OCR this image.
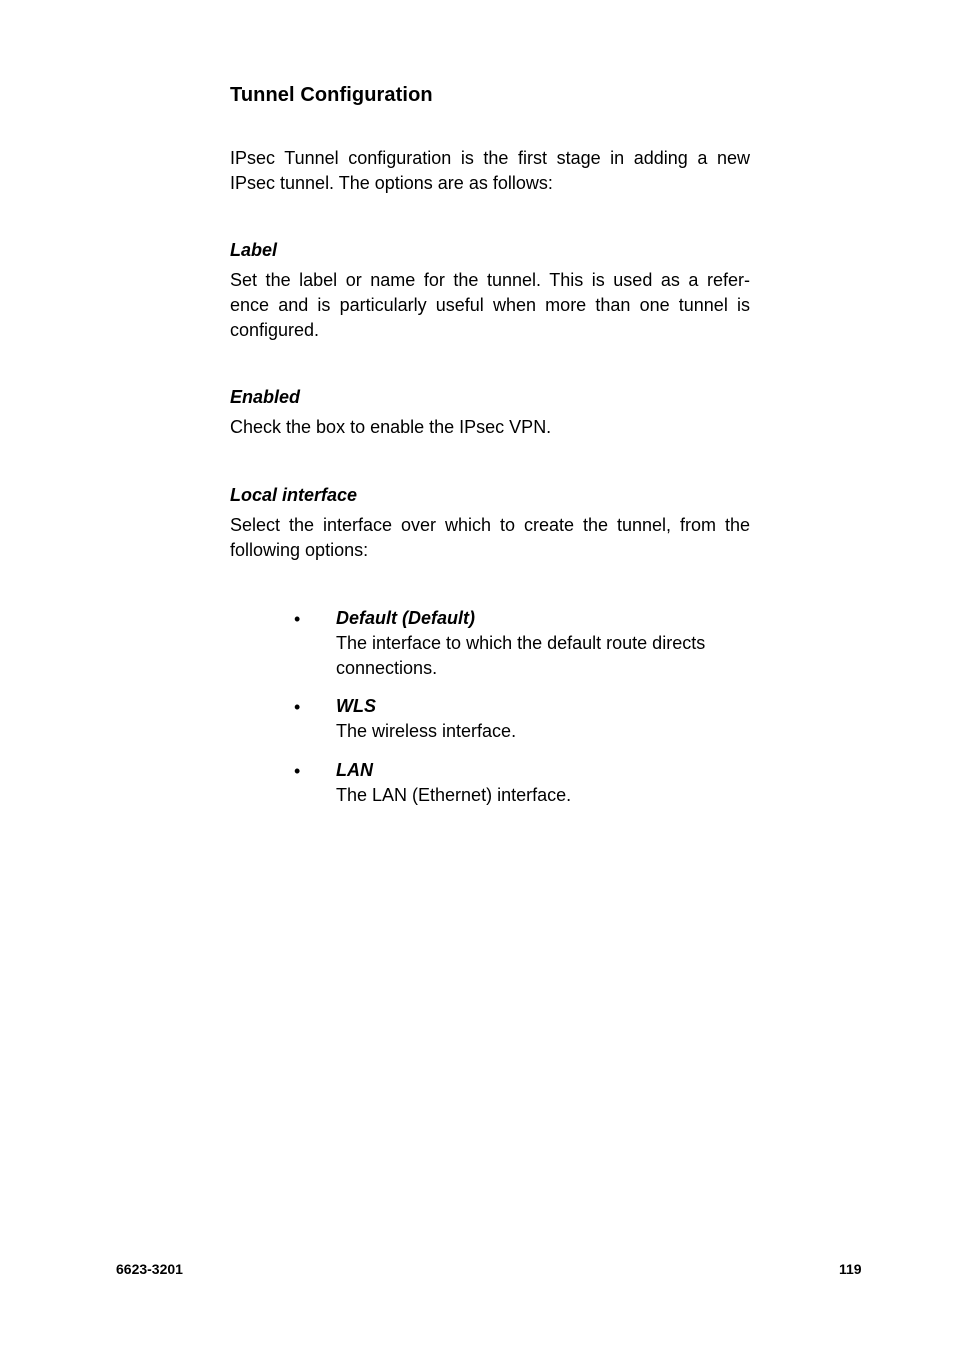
Tunnel Configuration

IPsec Tunnel configuration is the first stage in adding a new
IPsec tunnel. The options are as follows:

Label

Set the label or name for the tunnel. This is used as a refer-
ence and is particularly useful when more than one tunnel is
configured.

Enabled

Check the box to enable the IPsec VPN.

Local interface

Select the interface over which to create the tunnel, from the
following options:

• Default (Default)
The interface to which the default route directs
connections.
• WLS
The wireless interface.
• LAN
The LAN (Ethernet) interface.
6623-3201	119
